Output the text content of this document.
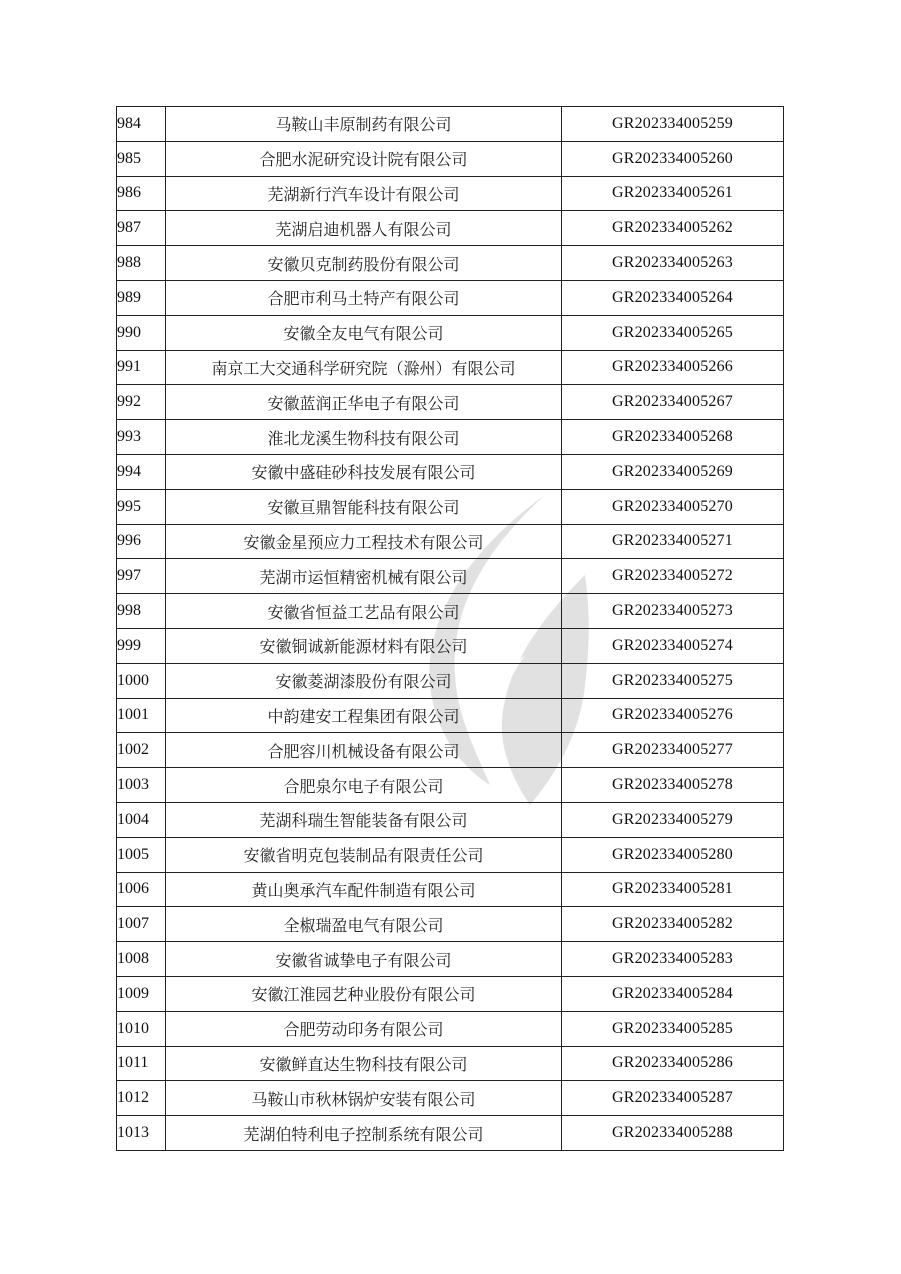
984	马鞍山丰原制药有限公司	GR202334005259
985	合肥水泥研究设计院有限公司	GR202334005260
986	芜湖新行汽车设计有限公司	GR202334005261
987	芜湖启迪机器人有限公司	GR202334005262
988	安徽贝克制药股份有限公司	GR202334005263
989	合肥市利马土特产有限公司	GR202334005264
990	安徽全友电气有限公司	GR202334005265
991	南京工大交通科学研究院（滁州）有限公司	GR202334005266
992	安徽蓝润正华电子有限公司	GR202334005267
993	淮北龙溪生物科技有限公司	GR202334005268
994	安徽中盛硅砂科技发展有限公司	GR202334005269
995	安徽亘鼎智能科技有限公司	GR202334005270
996	安徽金星预应力工程技术有限公司	GR202334005271
997	芜湖市运恒精密机械有限公司	GR202334005272
998	安徽省恒益工艺品有限公司	GR202334005273
999	安徽铜诚新能源材料有限公司	GR202334005274
1000	安徽菱湖漆股份有限公司	GR202334005275
1001	中韵建安工程集团有限公司	GR202334005276
1002	合肥容川机械设备有限公司	GR202334005277
1003	合肥泉尔电子有限公司	GR202334005278
1004	芜湖科瑞生智能装备有限公司	GR202334005279
1005	安徽省明克包装制品有限责任公司	GR202334005280
1006	黄山奥承汽车配件制造有限公司	GR202334005281
1007	全椒瑞盈电气有限公司	GR202334005282
1008	安徽省诚挚电子有限公司	GR202334005283
1009	安徽江淮园艺种业股份有限公司	GR202334005284
1010	合肥劳动印务有限公司	GR202334005285
1011	安徽鲜直达生物科技有限公司	GR202334005286
1012	马鞍山市秋林锅炉安装有限公司	GR202334005287
1013	芜湖伯特利电子控制系统有限公司	GR202334005288
